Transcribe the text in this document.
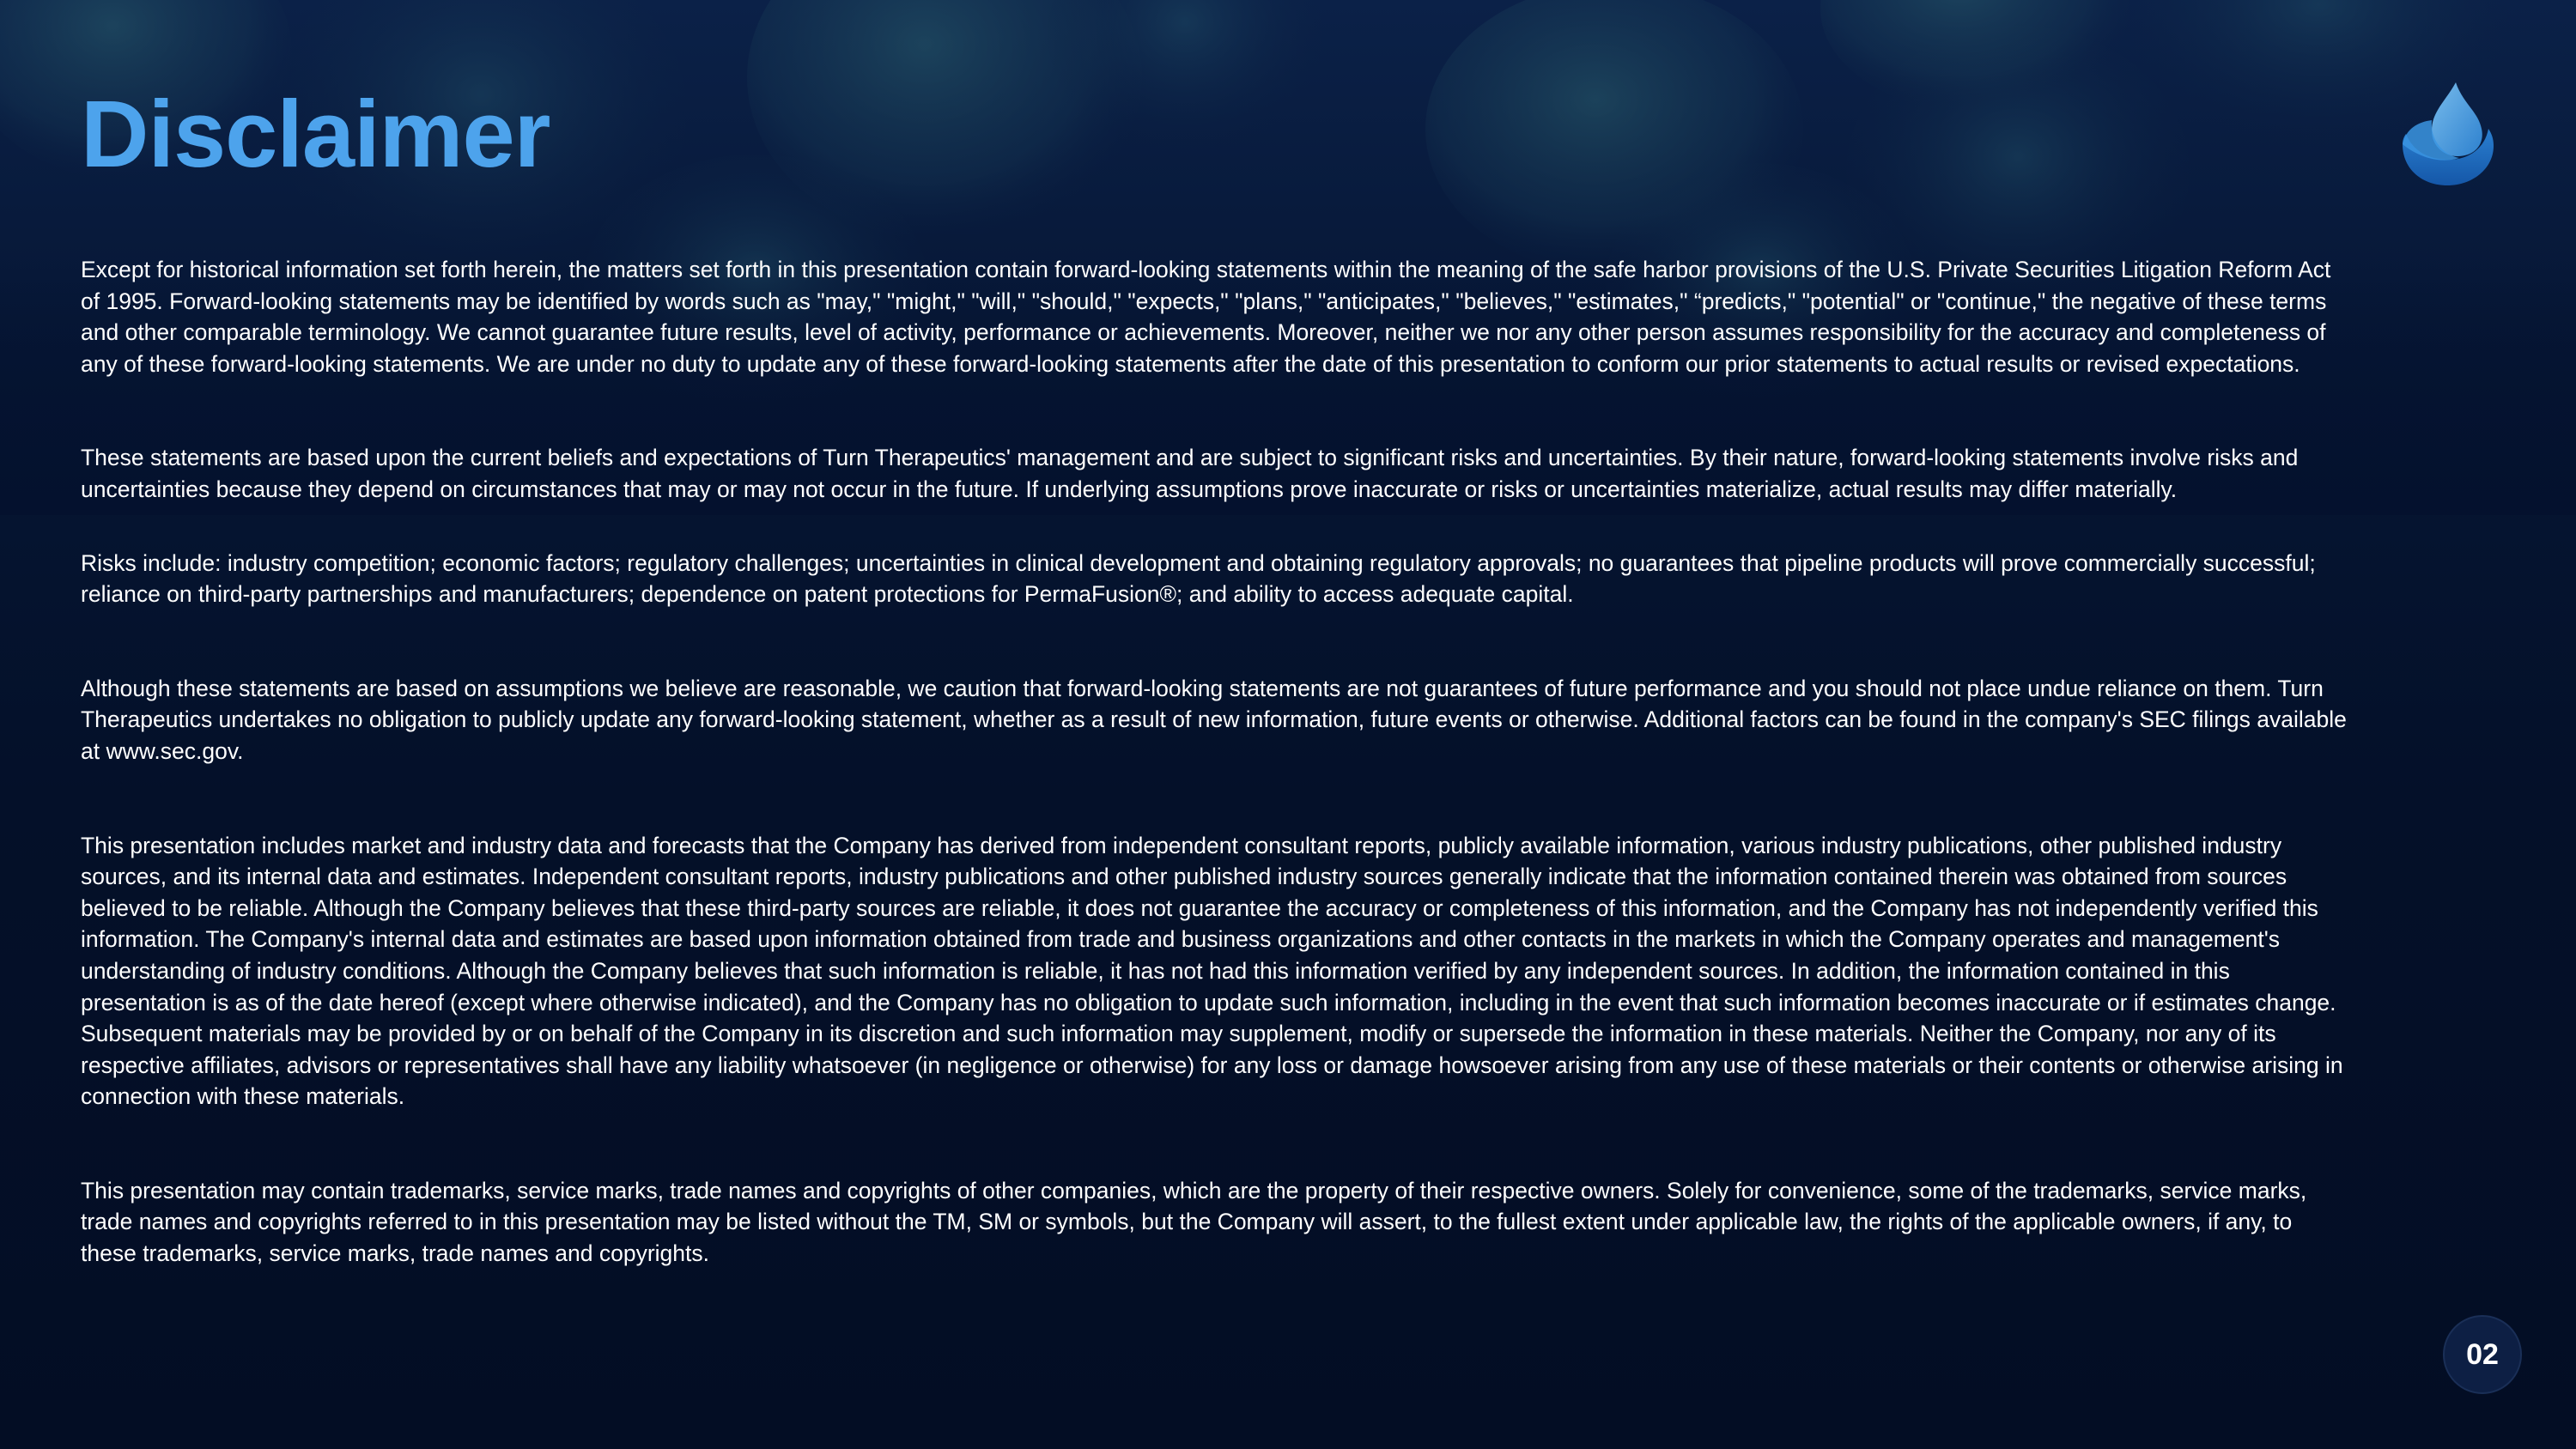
Disclaimer

Except for historical information set forth herein, the matters set forth in this presentation contain forward-looking statements within the meaning of the safe harbor provisions of the U.S. Private Securities Litigation Reform Act of 1995. Forward-looking statements may be identified by words such as "may," "might," "will," "should," "expects," "plans," "anticipates," "believes," "estimates," “predicts," "potential" or "continue," the negative of these terms and other comparable terminology. We cannot guarantee future results, level of activity, performance or achievements. Moreover, neither we nor any other person assumes responsibility for the accuracy and completeness of any of these forward-looking statements. We are under no duty to update any of these forward-looking statements after the date of this presentation to conform our prior statements to actual results or revised expectations.

These statements are based upon the current beliefs and expectations of Turn Therapeutics' management and are subject to significant risks and uncertainties. By their nature, forward-looking statements involve risks and uncertainties because they depend on circumstances that may or may not occur in the future. If underlying assumptions prove inaccurate or risks or uncertainties materialize, actual results may differ materially.

Risks include: industry competition; economic factors; regulatory challenges; uncertainties in clinical development and obtaining regulatory approvals; no guarantees that pipeline products will prove commercially successful; reliance on third-party partnerships and manufacturers; dependence on patent protections for PermaFusion®; and ability to access adequate capital.

Although these statements are based on assumptions we believe are reasonable, we caution that forward-looking statements are not guarantees of future performance and you should not place undue reliance on them. Turn Therapeutics undertakes no obligation to publicly update any forward-looking statement, whether as a result of new information, future events or otherwise. Additional factors can be found in the company's SEC filings available at www.sec.gov.

This presentation includes market and industry data and forecasts that the Company has derived from independent consultant reports, publicly available information, various industry publications, other published industry sources, and its internal data and estimates. Independent consultant reports, industry publications and other published industry sources generally indicate that the information contained therein was obtained from sources believed to be reliable. Although the Company believes that these third-party sources are reliable, it does not guarantee the accuracy or completeness of this information, and the Company has not independently verified this information. The Company's internal data and estimates are based upon information obtained from trade and business organizations and other contacts in the markets in which the Company operates and management's understanding of industry conditions. Although the Company believes that such information is reliable, it has not had this information verified by any independent sources. In addition, the information contained in this presentation is as of the date hereof (except where otherwise indicated), and the Company has no obligation to update such information, including in the event that such information becomes inaccurate or if estimates change. Subsequent materials may be provided by or on behalf of the Company in its discretion and such information may supplement, modify or supersede the information in these materials. Neither the Company, nor any of its respective affiliates, advisors or representatives shall have any liability whatsoever (in negligence or otherwise) for any loss or damage howsoever arising from any use of these materials or their contents or otherwise arising in connection with these materials.

This presentation may contain trademarks, service marks, trade names and copyrights of other companies, which are the property of their respective owners. Solely for convenience, some of the trademarks, service marks, trade names and copyrights referred to in this presentation may be listed without the TM, SM or symbols, but the Company will assert, to the fullest extent under applicable law, the rights of the applicable owners, if any, to these trademarks, service marks, trade names and copyrights.

02
